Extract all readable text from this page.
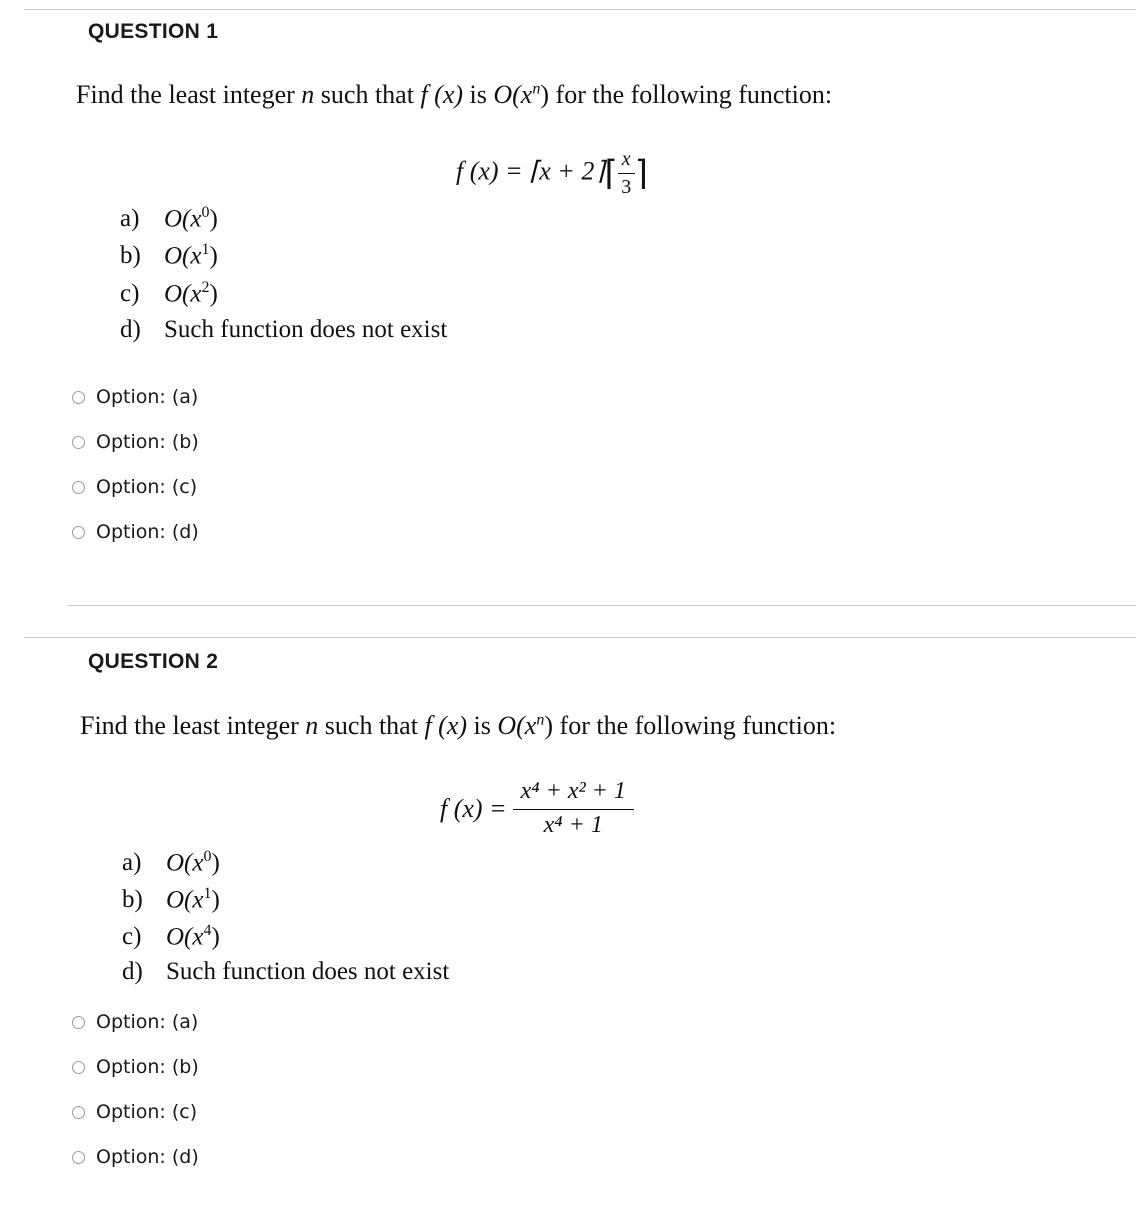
QUESTION 1
Find the least integer n such that f (x) is $O(x^n)$ for the following function:
f (x) = ⌈x + 2⌉⌈ $\frac{x}{3}$ ⌉
a) $O(x^0)$
b) $O(x^1)$
c) $O(x^2)$
d) Such function does not exist
Option: (a)
Option: (b)
Option: (c)
Option: (d)
QUESTION 2
Find the least integer n such that f (x) is $O(x^n)$ for the following function:
f $(x) = \frac{\text{x⁴ + x² + 1}}{\text{x⁴ + 1}}$
a) $O(x^0)$
b) $O(x^1)$
c) $O(x^4)$
d) Such function does not exist
Option: (a)
Option: (b)
Option: (c)
Option: (d)
